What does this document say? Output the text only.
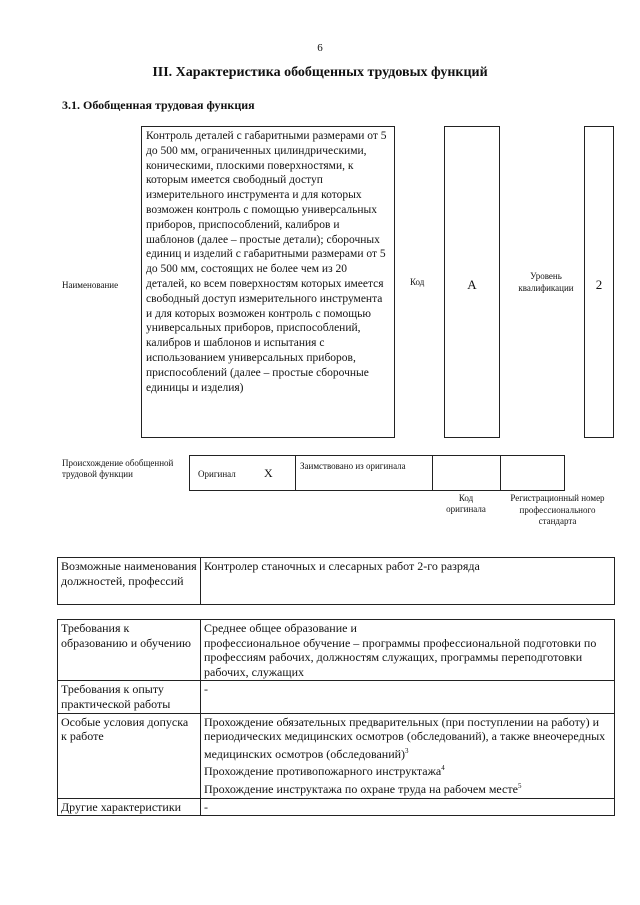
6
III. Характеристика обобщенных трудовых функций
3.1. Обобщенная трудовая функция
Наименование
Контроль деталей с габаритными размерами от 5 до 500 мм, ограниченных цилиндрическими, коническими, плоскими поверхностями, к которым имеется свободный доступ измерительного инструмента и для которых возможен контроль с помощью универсальных приборов, приспособлений, калибров и шаблонов (далее – простые детали); сборочных единиц и изделий с габаритными размерами от 5 до 500 мм, состоящих не более чем из 20 деталей, ко всем поверхностям которых имеется свободный доступ измерительного инструмента и для которых возможен контроль с помощью универсальных приборов, приспособлений, калибров и шаблонов и испытания с использованием универсальных приборов, приспособлений (далее – простые сборочные единицы и изделия)
Код	A
Уровень квалификации	2
Происхождение обобщенной трудовой функции	Оригинал X	Заимствовано из оригинала
Код оригинала
Регистрационный номер профессионального стандарта
Возможные наименования должностей, профессий	Контролер станочных и слесарных работ 2-го разряда
Требования к образованию и обучению	Среднее общее образование и
профессиональное обучение – программы профессиональной подготовки по профессиям рабочих, должностям служащих, программы переподготовки рабочих, служащих

Требования к опыту практической работы	-
Особые условия допуска к работе	Прохождение обязательных предварительных (при поступлении на работу) и периодических медицинских осмотров (обследований), а также внеочередных медицинских осмотров (обследований)$^3$
Прохождение противопожарного инструктажа$^4$
Прохождение инструктажа по охране труда на рабочем месте$^5$

Другие характеристики	-
